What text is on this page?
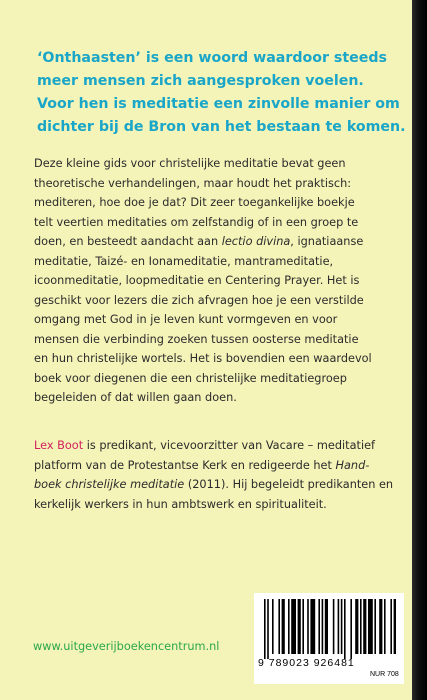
‘Onthaasten’ is een woord waardoor steeds
meer mensen zich aangesproken voelen.
Voor hen is meditatie een zinvolle manier om
dichter bij de Bron van het bestaan te komen.
Deze kleine gids voor christelijke meditatie bevat geen
theoretische verhandelingen, maar houdt het praktisch:
mediteren, hoe doe je dat? Dit zeer toegankelijke boekje
telt veertien meditaties om zelfstandig of in een groep te
doen, en besteedt aandacht aan lectio divina, ignatiaanse
meditatie, Taizé- en Ionameditatie, mantrameditatie,
icoonmeditatie, loopmeditatie en Centering Prayer. Het is
geschikt voor lezers die zich afvragen hoe je een verstilde
omgang met God in je leven kunt vormgeven en voor
mensen die verbinding zoeken tussen oosterse meditatie
en hun christelijke wortels. Het is bovendien een waardevol
boek voor diegenen die een christelijke meditatiegroep
begeleiden of dat willen gaan doen.
Lex Boot is predikant, vicevoorzitter van Vacare – meditatief
platform van de Protestantse Kerk en redigeerde het Hand-
boek christelijke meditatie (2011). Hij begeleidt predikanten en
kerkelijk werkers in hun ambtswerk en spiritualiteit.
www.uitgeverijboekencentrum.nl
9 789023 926481
NUR 708
